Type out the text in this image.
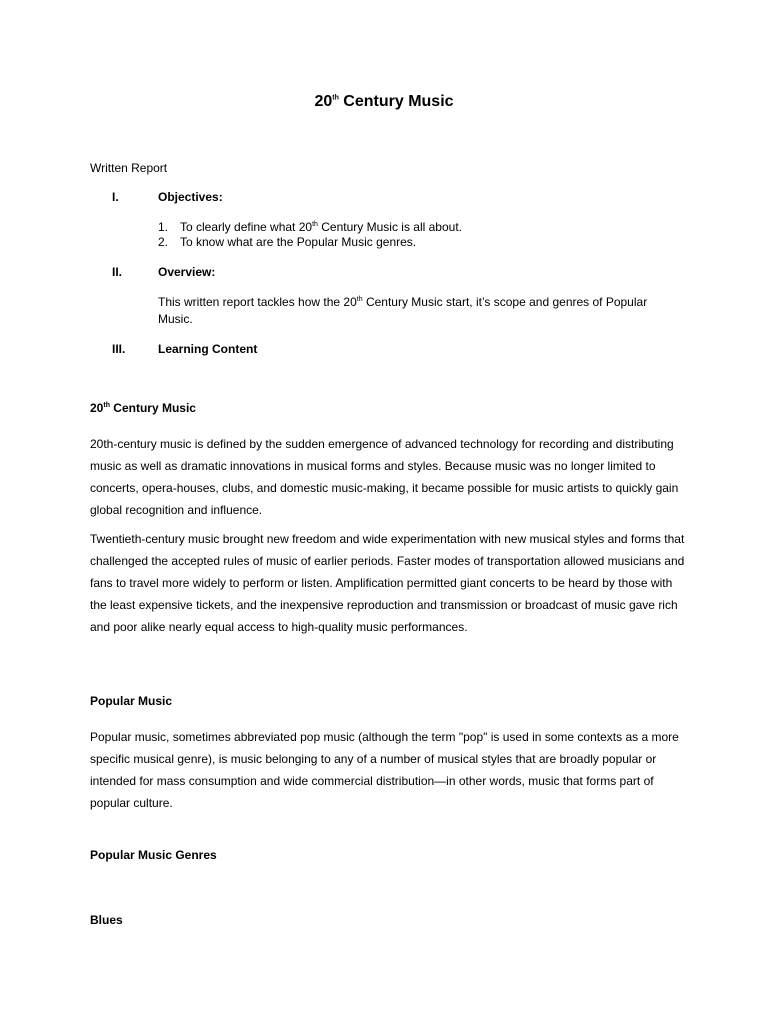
20th Century Music

Written Report

I.	Objectives:

1. To clearly define what 20th Century Music is all about.

2. To know what are the Popular Music genres.

II.	Overview:

This written report tackles how the 20th Century Music start, it’s scope and genres of Popular Music.

III.	Learning Content

20th Century Music

20th-century music is defined by the sudden emergence of advanced technology for recording and distributing music as well as dramatic innovations in musical forms and styles. Because music was no longer limited to concerts, opera-houses, clubs, and domestic music-making, it became possible for music artists to quickly gain global recognition and influence.

Twentieth-century music brought new freedom and wide experimentation with new musical styles and forms that challenged the accepted rules of music of earlier periods. Faster modes of transportation allowed musicians and fans to travel more widely to perform or listen. Amplification permitted giant concerts to be heard by those with the least expensive tickets, and the inexpensive reproduction and transmission or broadcast of music gave rich and poor alike nearly equal access to high-quality music performances.

Popular Music

Popular music, sometimes abbreviated pop music (although the term "pop" is used in some contexts as a more specific musical genre), is music belonging to any of a number of musical styles that are broadly popular or intended for mass consumption and wide commercial distribution—in other words, music that forms part of popular culture.

Popular Music Genres

Blues
